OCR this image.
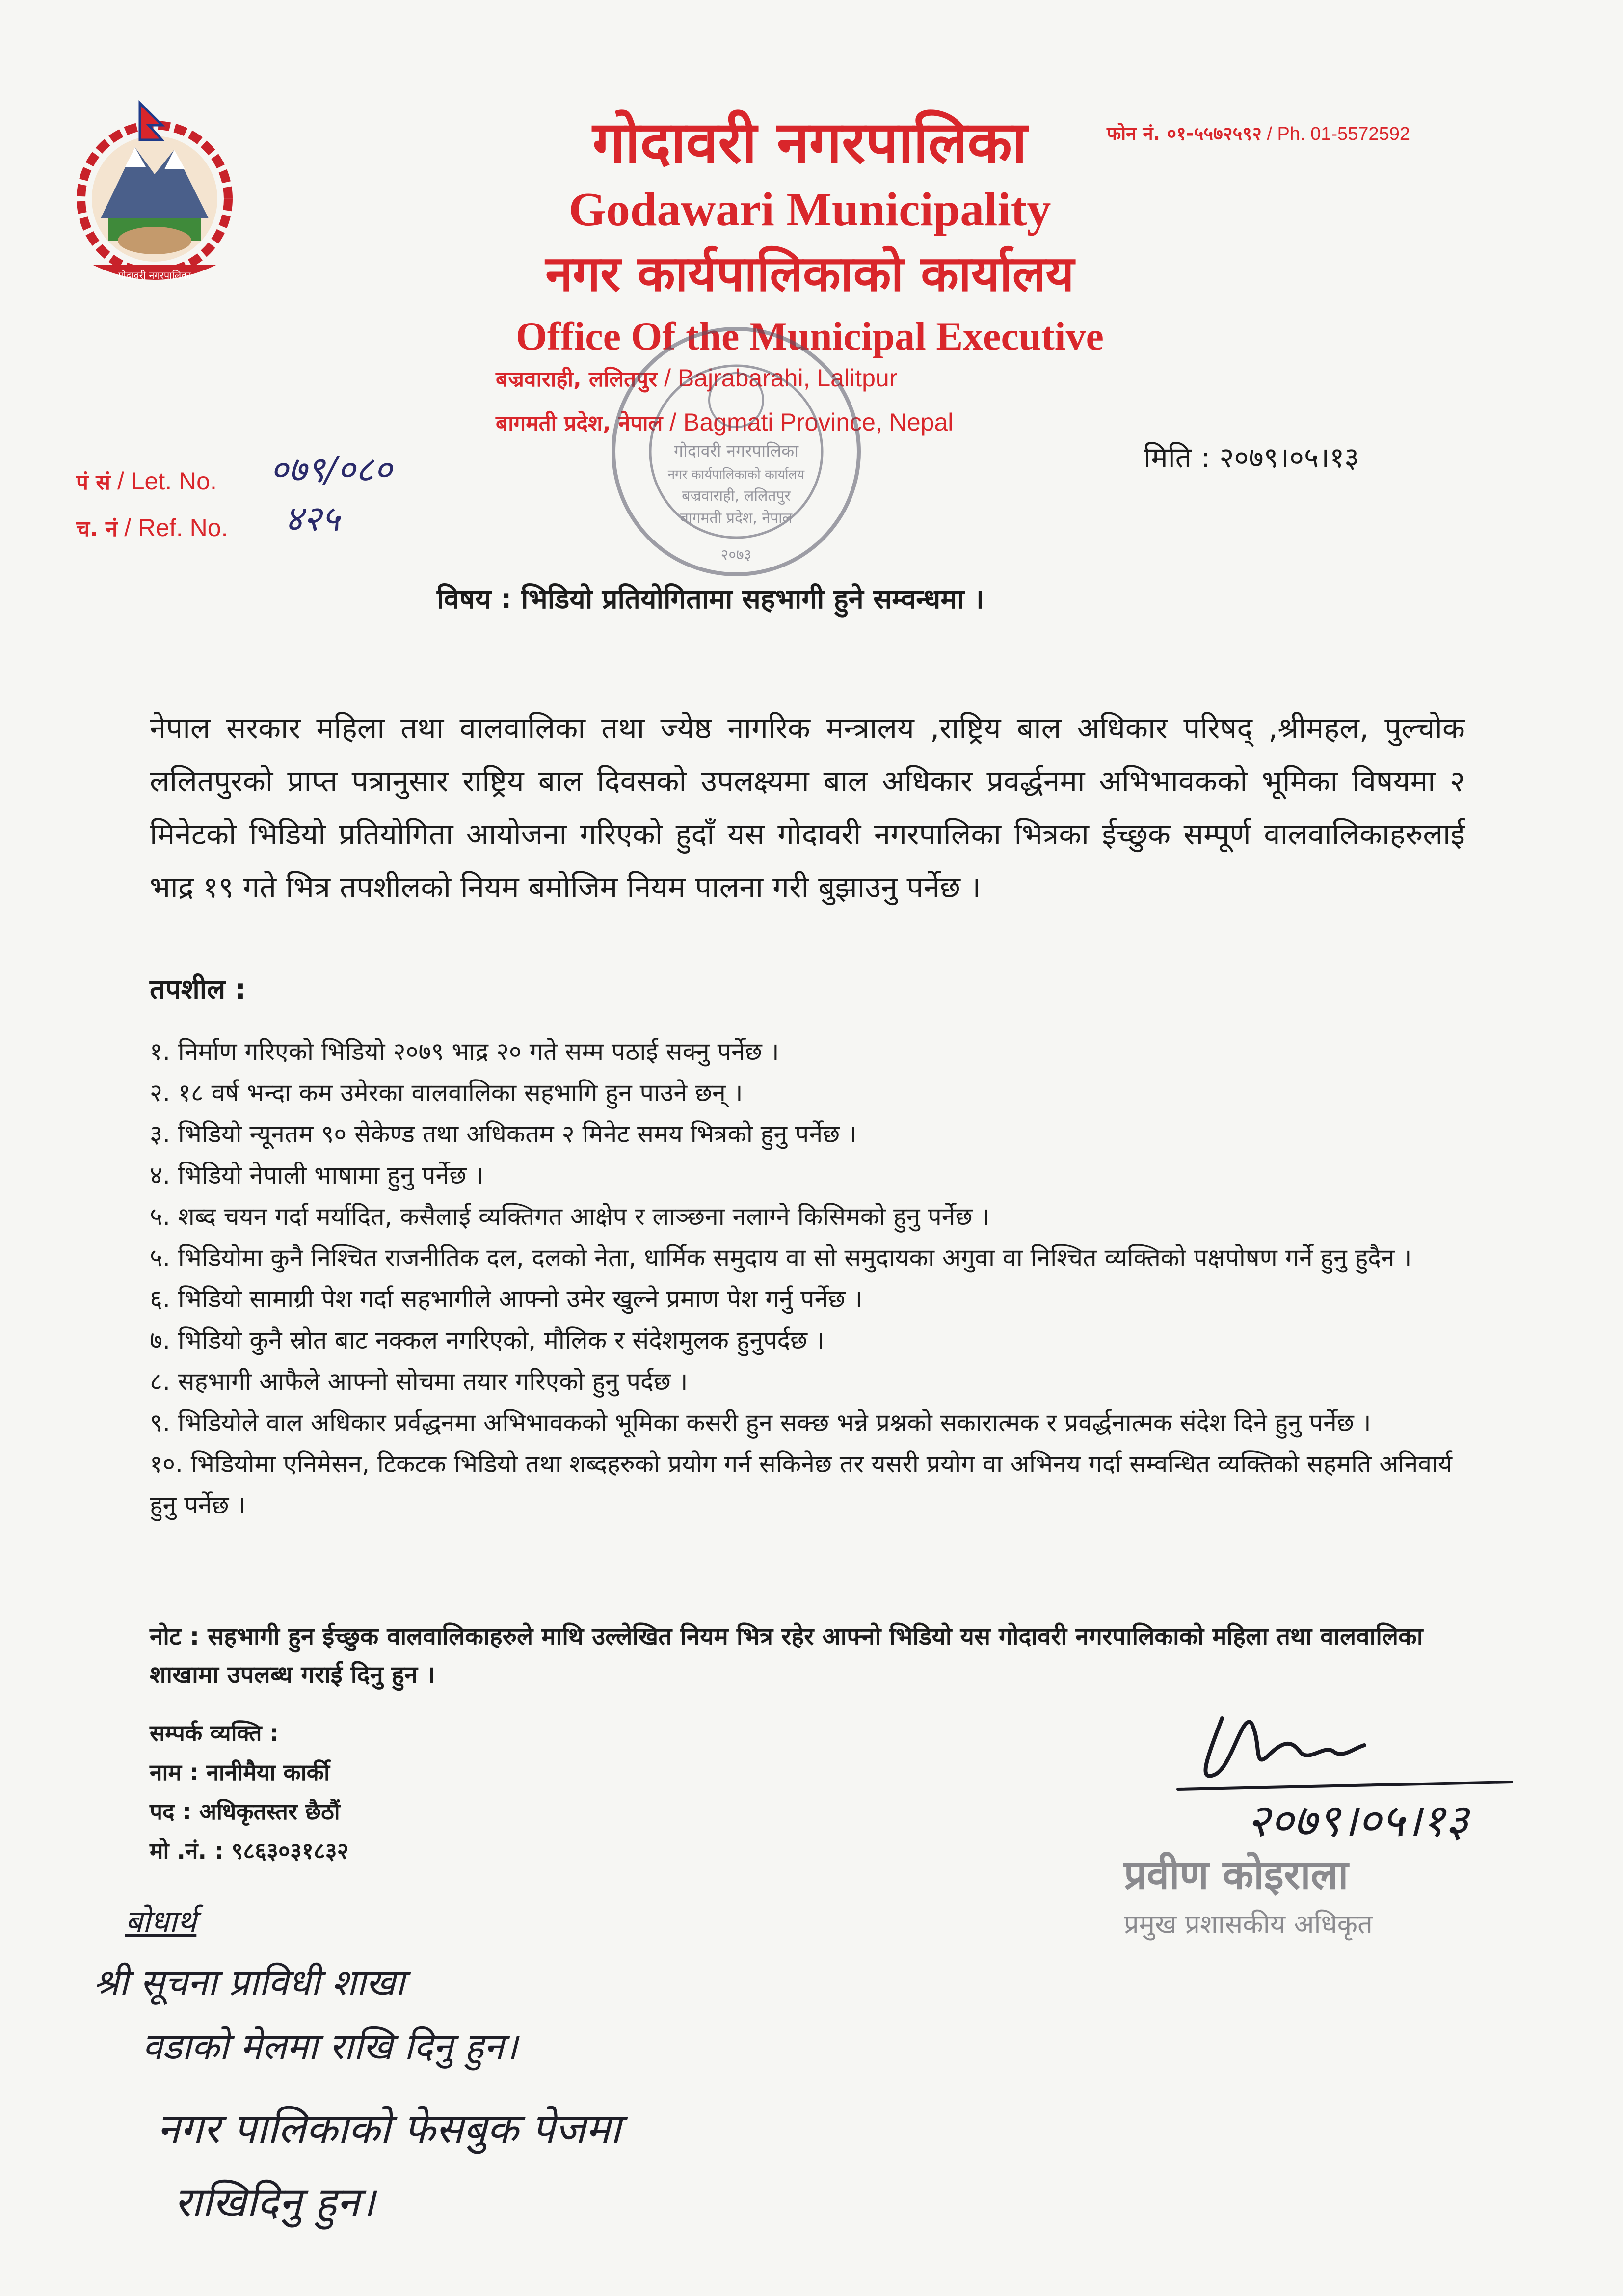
गोदावरी नगरपालिका
गोदावरी नगरपालिका
Godawari Municipality
नगर कार्यपालिकाको कार्यालय
Office Of the Municipal Executive
बज्रवाराही, ललितपुर / Bajrabarahi, Lalitpur
बागमती प्रदेश, नेपाल / Bagmati Province, Nepal
फोन नं. ०१-५५७२५९२ / Ph. 01-5572592
पं सं / Let. No. ०७९/०८०
च. नं / Ref. No. ४२५
मिति : २०७९।०५।१३
गोदावरी नगरपालिका
नगर कार्यपालिकाको कार्यालय
बज्रवाराही, ललितपुर
बागमती प्रदेश, नेपाल
२०७३
विषय : भिडियो प्रतियोगितामा सहभागी हुने सम्वन्धमा ।
नेपाल सरकार महिला तथा वालवालिका तथा ज्येष्ठ नागरिक मन्त्रालय ,राष्ट्रिय बाल अधिकार परिषद् ,श्रीमहल, पुल्चोक ललितपुरको प्राप्त पत्रानुसार राष्ट्रिय बाल दिवसको उपलक्ष्यमा बाल अधिकार प्रवर्द्धनमा अभिभावकको भूमिका विषयमा २ मिनेटको भिडियो प्रतियोगिता आयोजना गरिएको हुदाँ यस गोदावरी नगरपालिका भित्रका ईच्छुक सम्पूर्ण वालवालिकाहरुलाई भाद्र १९ गते भित्र तपशीलको नियम बमोजिम नियम पालना गरी बुझाउनु पर्नेछ ।
तपशील :
१. निर्माण गरिएको भिडियो २०७९ भाद्र २० गते सम्म पठाई सक्नु पर्नेछ ।
२. १८ वर्ष भन्दा कम उमेरका वालवालिका सहभागि हुन पाउने छन् ।
३. भिडियो न्यूनतम ९० सेकेण्ड तथा अधिकतम २ मिनेट समय भित्रको हुनु पर्नेछ ।
४. भिडियो नेपाली भाषामा हुनु पर्नेछ ।
५. शब्द चयन गर्दा मर्यादित, कसैलाई व्यक्तिगत आक्षेप र लाञ्छना नलाग्ने किसिमको हुनु पर्नेछ ।
५. भिडियोमा कुनै निश्चित राजनीतिक दल, दलको नेता, धार्मिक समुदाय वा सो समुदायका अगुवा वा निश्चित व्यक्तिको पक्षपोषण गर्ने हुनु हुदैन ।
६. भिडियो सामाग्री पेश गर्दा सहभागीले आफ्नो उमेर खुल्ने प्रमाण पेश गर्नु पर्नेछ ।
७. भिडियो कुनै स्रोत बाट नक्कल नगरिएको, मौलिक र संदेशमुलक हुनुपर्दछ ।
८. सहभागी आफैले आफ्नो सोचमा तयार गरिएको हुनु पर्दछ ।
९. भिडियोले वाल अधिकार प्रर्वद्धनमा अभिभावकको भूमिका कसरी हुन सक्छ भन्ने प्रश्नको सकारात्मक र प्रवर्द्धनात्मक संदेश दिने हुनु पर्नेछ ।
१०. भिडियोमा एनिमेसन, टिकटक भिडियो तथा शब्दहरुको प्रयोग गर्न सकिनेछ तर यसरी प्रयोग वा अभिनय गर्दा सम्वन्धित व्यक्तिको सहमति अनिवार्य हुनु पर्नेछ ।
नोट : सहभागी हुन ईच्छुक वालवालिकाहरुले माथि उल्लेखित नियम भित्र रहेर आफ्नो भिडियो यस गोदावरी नगरपालिकाको महिला तथा वालवालिका शाखामा उपलब्ध गराई दिनु हुन ।
सम्पर्क व्यक्ति :
नाम : नानीमैया कार्की
पद : अधिकृतस्तर छैठौं
मो .नं. : ९८६३०३१८३२
२०७९।०५।१३
प्रवीण कोइराला
प्रमुख प्रशासकीय अधिकृत
बोधार्थ
श्री सूचना प्राविधी शाखा
वडाको मेलमा राखि दिनु हुन।
नगर पालिकाको फेसबुक पेजमा
राखिदिनु हुन।
